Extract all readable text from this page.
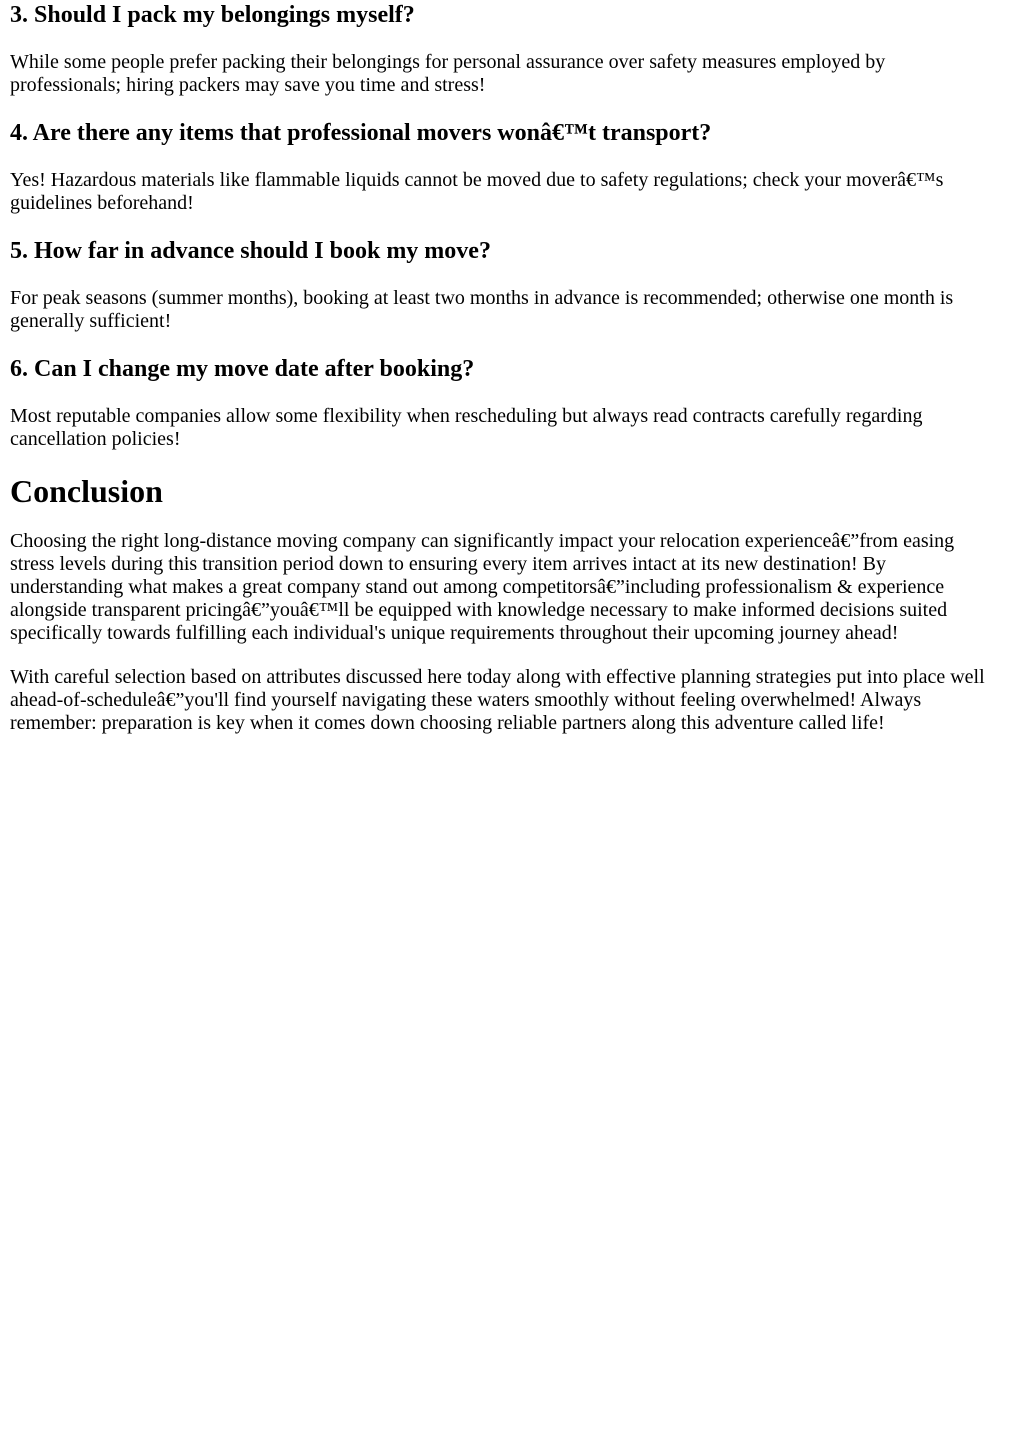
3. Should I pack my belongings myself?

While some people prefer packing their belongings for personal assurance over safety measures employed by professionals; hiring packers may save you time and stress!

4. Are there any items that professional movers wonâ€™t transport?

Yes! Hazardous materials like flammable liquids cannot be moved due to safety regulations; check your moverâ€™s guidelines beforehand!

5. How far in advance should I book my move?

For peak seasons (summer months), booking at least two months in advance is recommended; otherwise one month is generally sufficient!

6. Can I change my move date after booking?

Most reputable companies allow some flexibility when rescheduling but always read contracts carefully regarding cancellation policies!

Conclusion

Choosing the right long-distance moving company can significantly impact your relocation experienceâ€”from easing stress levels during this transition period down to ensuring every item arrives intact at its new destination! By understanding what makes a great company stand out among competitorsâ€”including professionalism & experience alongside transparent pricingâ€”youâ€™ll be equipped with knowledge necessary to make informed decisions suited specifically towards fulfilling each individual's unique requirements throughout their upcoming journey ahead!

With careful selection based on attributes discussed here today along with effective planning strategies put into place well ahead-of-scheduleâ€”you'll find yourself navigating these waters smoothly without feeling overwhelmed! Always remember: preparation is key when it comes down choosing reliable partners along this adventure called life!
